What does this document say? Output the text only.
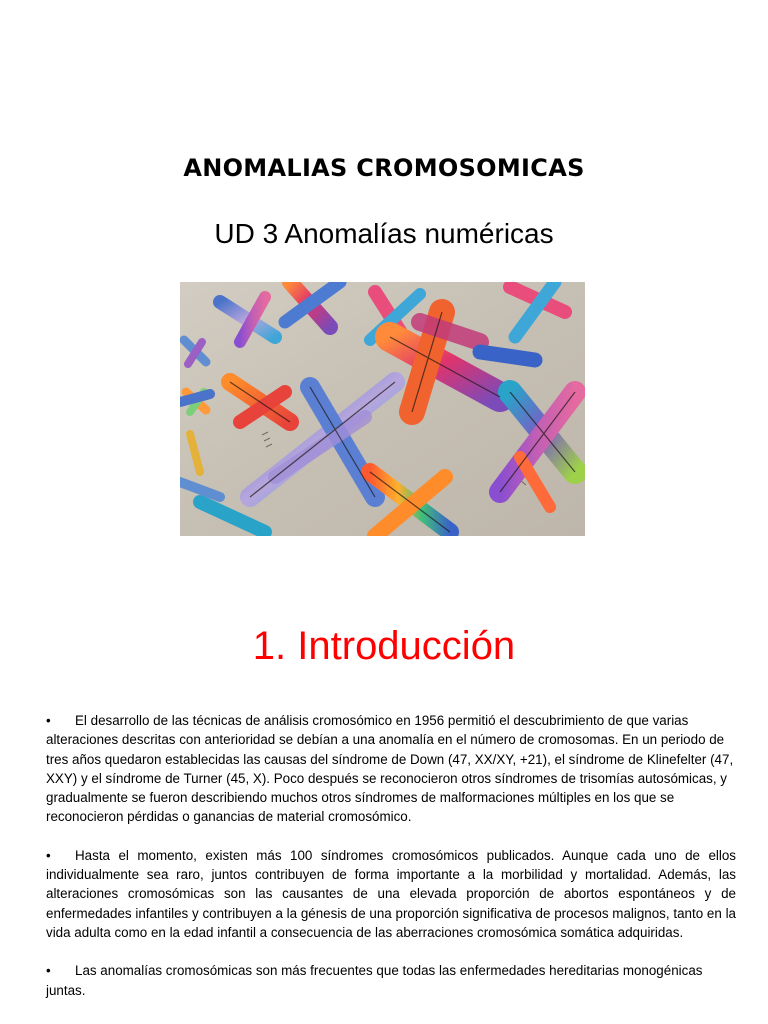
ANOMALIAS CROMOSOMICAS
UD 3 Anomalías numéricas
1. Introducción

• El desarrollo de las técnicas de análisis cromosómico en 1956 permitió el descubrimiento de que varias alteraciones descritas con anterioridad se debían a una anomalía en el número de cromosomas. En un periodo de tres años quedaron establecidas las causas del síndrome de Down (47, XX/XY, +21), el síndrome de Klinefelter (47, XXY) y el síndrome de Turner (45, X). Poco después se reconocieron otros síndromes de trisomías autosómicas, y gradualmente se fueron describiendo muchos otros síndromes de malformaciones múltiples en los que se reconocieron pérdidas o ganancias de material cromosómico.

• Hasta el momento, existen más 100 síndromes cromosómicos publicados. Aunque cada uno de ellos individualmente sea raro, juntos contribuyen de forma importante a la morbilidad y mortalidad. Además, las alteraciones cromosómicas son las causantes de una elevada proporción de abortos espontáneos y de enfermedades infantiles y contribuyen a la génesis de una proporción significativa de procesos malignos, tanto en la vida adulta como en la edad infantil a consecuencia de las aberraciones cromosómica somática adquiridas.

• Las anomalías cromosómicas son más frecuentes que todas las enfermedades hereditarias monogénicas juntas.
